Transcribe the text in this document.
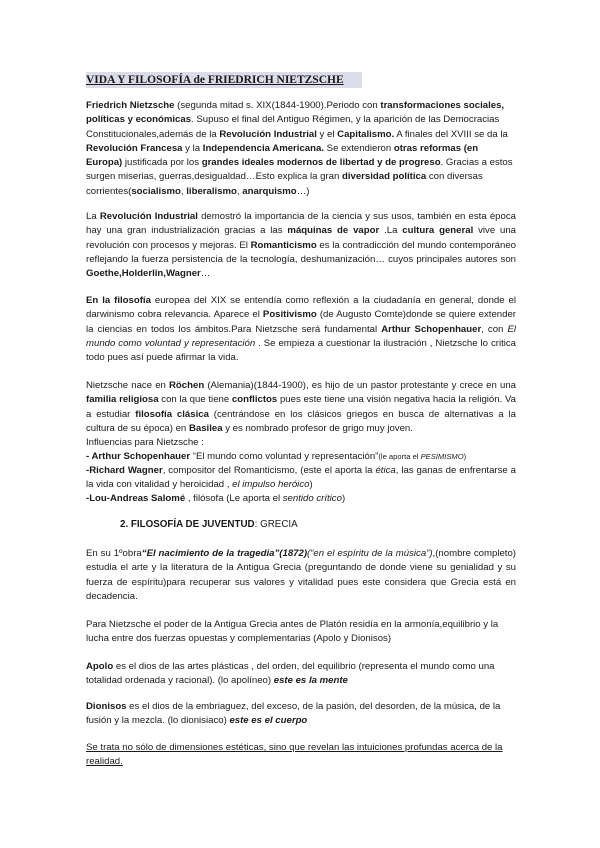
VIDA Y FILOSOFÍA de FRIEDRICH NIETZSCHE
Friedrich Nietzsche (segunda mitad s. XIX(1844-1900).Periodo con transformaciones sociales, políticas y económicas. Supuso el final del Antiguo Régimen, y la aparición de las Democracias Constitucionales,además de la Revolución Industrial y el Capitalismo. A finales del XVIII se da la Revolución Francesa y la Independencia Americana. Se extendieron otras reformas (en Europa) justificada por los grandes ideales modernos de libertad y de progreso. Gracias a estos surgen miserias, guerras,desigualdad…Esto explica la gran diversidad política con diversas corrientes(socialismo, liberalismo, anarquismo…)
La Revolución Industrial demostró la importancia de la ciencia y sus usos, también en esta época hay una gran industrialización gracias a las máquinas de vapor .La cultura general vive una revolución con procesos y mejoras. El Romanticismo es la contradicción del mundo contemporáneo reflejando la fuerza persistencia de la tecnología, deshumanización… cuyos principales autores son Goethe,Holderlin,Wagner…
En la filosofía europea del XIX se entendía como reflexión a la ciudadanía en general, donde el darwinismo cobra relevancia. Aparece el Positivismo (de Augusto Comte)donde se quiere extender la ciencias en todos los ámbitos.Para Nietzsche será fundamental Arthur Schopenhauer, con El mundo como voluntad y representación . Se empieza a cuestionar la ilustración , Nietzsche lo critica todo pues así puede afirmar la vida.
Nietzsche nace en Röchen (Alemania)(1844-1900), es hijo de un pastor protestante y crece en una familia religiosa con la que tiene conflictos pues este tiene una visión negativa hacia la religión. Va a estudiar filosofía clásica (centrándose en los clásicos griegos en busca de alternativas a la cultura de su época) en Basilea y es nombrado profesor de grigo muy joven.
Influencias para Nietzsche :
- Arthur Schopenhauer “El mundo como voluntad y representación”(le aporta el PESIMISMO)
-Richard Wagner, compositor del Romanticismo, (este el aporta la ética, las ganas de enfrentarse a la vida con vitalidad y heroicidad , el impulso heróico)
-Lou-Andreas Salomé , filósofa (Le aporta el sentido crítico)
2. FILOSOFÍA DE JUVENTUD: GRECIA
En su 1ºobra“El nacimiento de la tragedia”(1872)(“en el espíritu de la música”),(nombre completo) estudia el arte y la literatura de la Antigua Grecia (preguntando de donde viene su genialidad y su fuerza de espíritu)para recuperar sus valores y vitalidad pues este considera que Grecia está en decadencia.
Para Nietzsche el poder de la Antigua Grecia antes de Platón residía en la armonía,equilibrio y la lucha entre dos fuerzas opuestas y complementarias (Apolo y Dionisos)
Apolo es el dios de las artes plásticas , del orden, del equilibrio (representa el mundo como una totalidad ordenada y racional). (lo apolíneo) este es la mente
Dionisos es el dios de la embriaguez, del exceso, de la pasión, del desorden, de la música, de la fusión y la mezcla. (lo dionisiaco) este es el cuerpo
Se trata no sólo de dimensiones estéticas, sino que revelan las intuiciones profundas acerca de la realidad.
